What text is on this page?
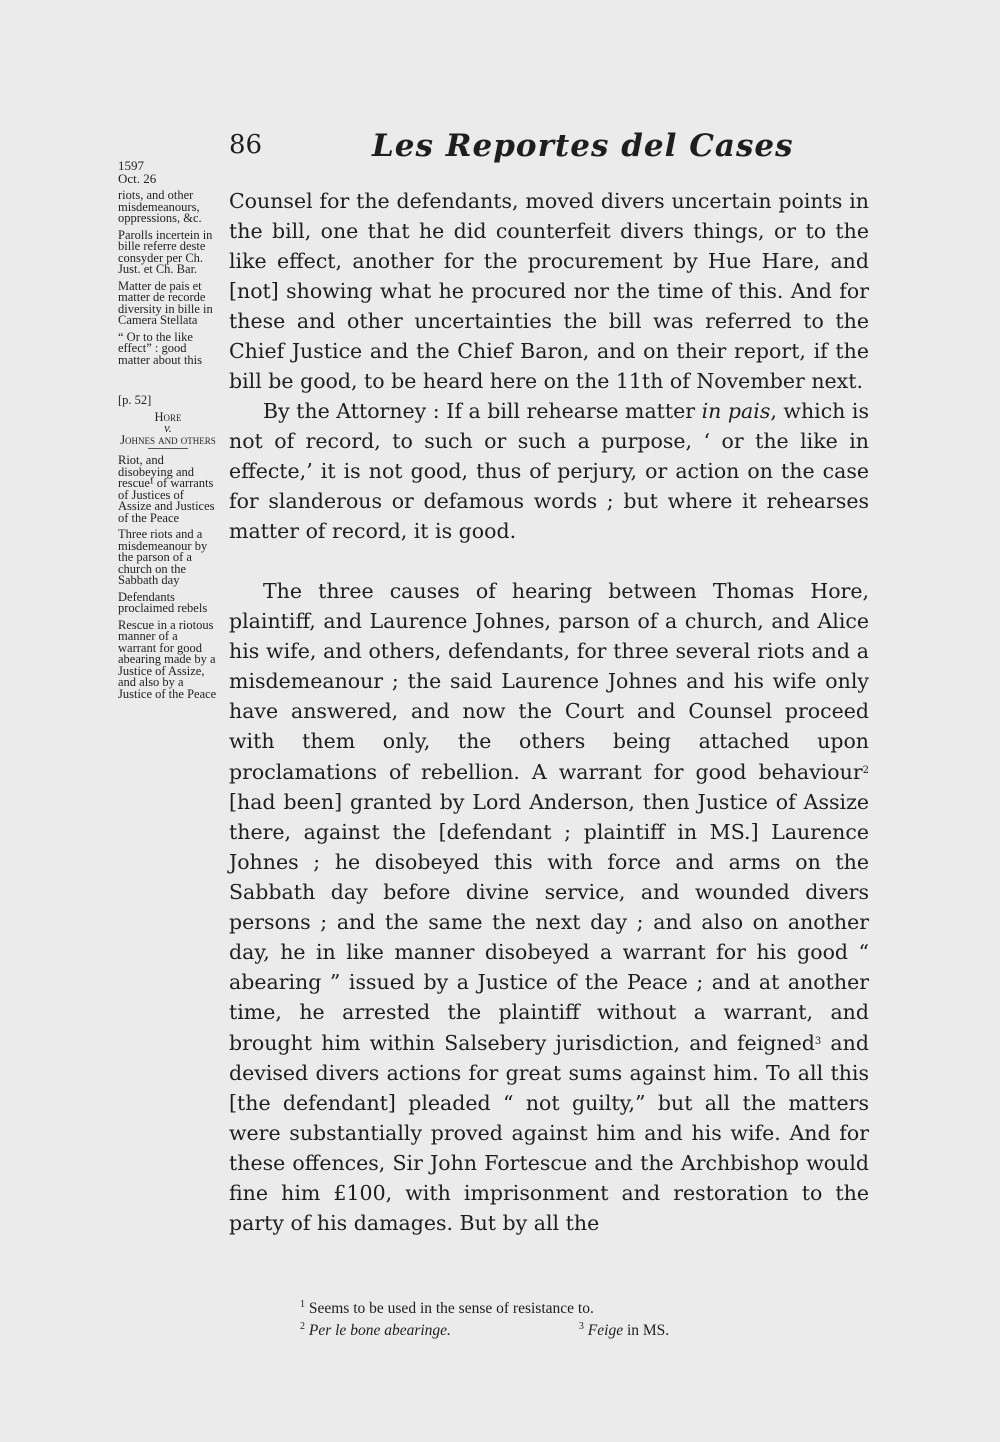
86	Les Reportes del Cases
1597
Oct. 26
riots, and other misdemeanours, oppressions, &c.
Parolls incertein in bille referre deste consyder per Ch. Just. et Ch. Bar.
Matter de pais et matter de recorde diversity in bille in Camera Stellata
“ Or to the like effect” : good matter about this
[p. 52]
Hore
v.
Johnes and others
Riot, and disobeying and rescue¹ of warrants of Justices of Assize and Justices of the Peace
Three riots and a misdemeanour by the parson of a church on the Sabbath day
Defendants proclaimed rebels
Rescue in a riotous manner of a warrant for good abearing made by a Justice of Assize, and also by a Justice of the Peace

Counsel for the defendants, moved divers uncertain points in the bill, one that he did counterfeit divers things, or to the like effect, another for the procurement by Hue Hare, and [not] showing what he procured nor the time of this. And for these and other uncertainties the bill was referred to the Chief Justice and the Chief Baron, and on their report, if the bill be good, to be heard here on the 11th of November next.

By the Attorney : If a bill rehearse matter in pais, which is not of record, to such or such a purpose, ‘ or the like in effecte,’ it is not good, thus of perjury, or action on the case for slanderous or defamous words ; but where it rehearses matter of record, it is good.

The three causes of hearing between Thomas Hore, plaintiff, and Laurence Johnes, parson of a church, and Alice his wife, and others, defendants, for three several riots and a misdemeanour ; the said Laurence Johnes and his wife only have answered, and now the Court and Counsel proceed with them only, the others being attached upon proclamations of rebellion. A warrant for good behaviour$^2$ [had been] granted by Lord Anderson, then Justice of Assize there, against the [defendant ; plaintiff in MS.] Laurence Johnes ; he disobeyed this with force and arms on the Sabbath day before divine service, and wounded divers persons ; and the same the next day ; and also on another day, he in like manner disobeyed a warrant for his good “ abearing ” issued by a Justice of the Peace ; and at another time, he arrested the plaintiff without a warrant, and brought him within Salsebery jurisdiction, and feigned$^3$ and devised divers actions for great sums against him. To all this [the defendant] pleaded “ not guilty,” but all the matters were substantially proved against him and his wife. And for these offences, Sir John Fortescue and the Archbishop would fine him £100, with imprisonment and restoration to the party of his damages. But by all the

$^1$ Seems to be used in the sense of resistance to.

$^2$ Per le bone abearinge.	$^3$ Feige in MS.
